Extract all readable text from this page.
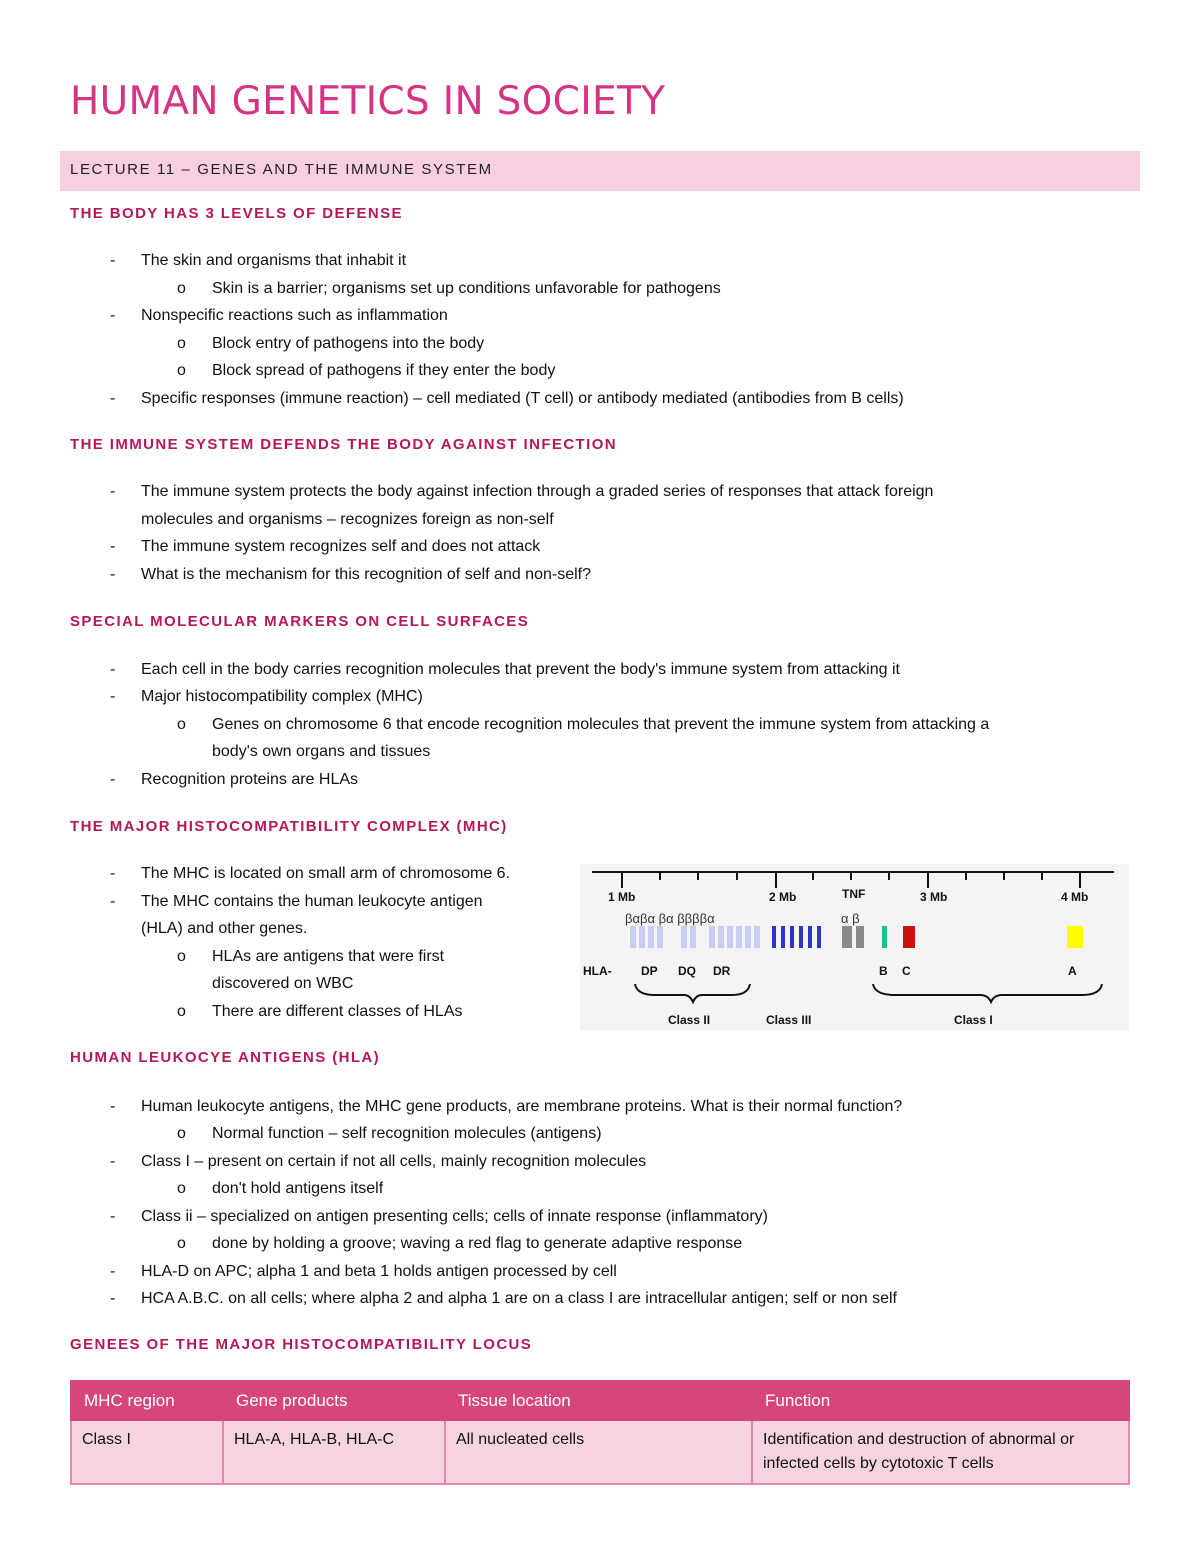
HUMAN GENETICS IN SOCIETY
LECTURE 11 – GENES AND THE IMMUNE SYSTEM
THE BODY HAS 3 LEVELS OF DEFENSE
- The skin and organisms that inhabit it
o Skin is a barrier; organisms set up conditions unfavorable for pathogens
- Nonspecific reactions such as inflammation
o Block entry of pathogens into the body
o Block spread of pathogens if they enter the body
- Specific responses (immune reaction) – cell mediated (T cell) or antibody mediated (antibodies from B cells)
THE IMMUNE SYSTEM DEFENDS THE BODY AGAINST INFECTION
- The immune system protects the body against infection through a graded series of responses that attack foreign
molecules and organisms – recognizes foreign as non-self
- The immune system recognizes self and does not attack
- What is the mechanism for this recognition of self and non-self?
SPECIAL MOLECULAR MARKERS ON CELL SURFACES
- Each cell in the body carries recognition molecules that prevent the body's immune system from attacking it
- Major histocompatibility complex (MHC)
o Genes on chromosome 6 that encode recognition molecules that prevent the immune system from attacking a
body's own organs and tissues
- Recognition proteins are HLAs
THE MAJOR HISTOCOMPATIBILITY COMPLEX (MHC)
- The MHC is located on small arm of chromosome 6.
- The MHC contains the human leukocyte antigen
(HLA) and other genes.
o HLAs are antigens that were first
discovered on WBC
o There are different classes of HLAs
1 Mb	2 Mb	3 Mb	4 Mb
TNF
βαβα βα ββββα	α β
HLA- DP DQ DR	B C	A
Class II	Class III	Class I
HUMAN LEUKOCYE ANTIGENS (HLA)
- Human leukocyte antigens, the MHC gene products, are membrane proteins. What is their normal function?
o Normal function – self recognition molecules (antigens)
- Class I – present on certain if not all cells, mainly recognition molecules
o don't hold antigens itself
- Class ii – specialized on antigen presenting cells; cells of innate response (inflammatory)
o done by holding a groove; waving a red flag to generate adaptive response
- HLA-D on APC; alpha 1 and beta 1 holds antigen processed by cell
- HCA A.B.C. on all cells; where alpha 2 and alpha 1 are on a class I are intracellular antigen; self or non self
GENEES OF THE MAJOR HISTOCOMPATIBILITY LOCUS
MHC region	Gene products	Tissue location	Function
Class I	HLA-A, HLA-B, HLA-C	All nucleated cells	Identification and destruction of abnormal or infected cells by cytotoxic T cells
